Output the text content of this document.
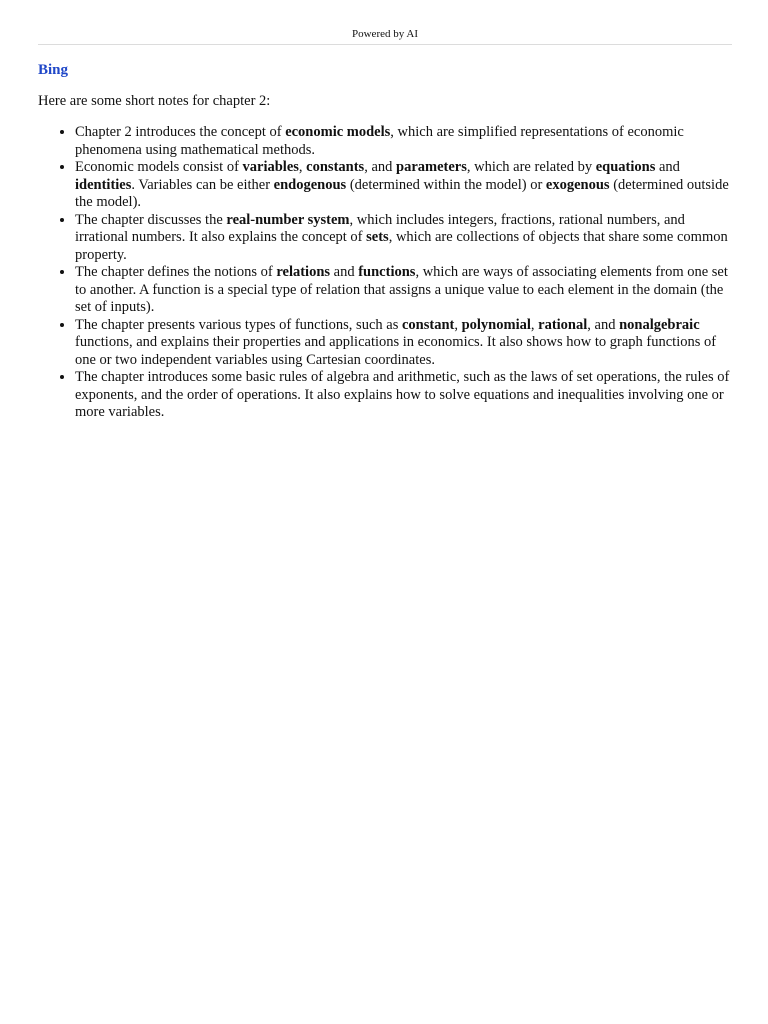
Powered by AI
Bing
Here are some short notes for chapter 2:
• Chapter 2 introduces the concept of economic models, which are simplified representations of economic phenomena using mathematical methods.
• Economic models consist of variables, constants, and parameters, which are related by equations and identities. Variables can be either endogenous (determined within the model) or exogenous (determined outside the model).
• The chapter discusses the real-number system, which includes integers, fractions, rational numbers, and irrational numbers. It also explains the concept of sets, which are collections of objects that share some common property.
• The chapter defines the notions of relations and functions, which are ways of associating elements from one set to another. A function is a special type of relation that assigns a unique value to each element in the domain (the set of inputs).
• The chapter presents various types of functions, such as constant, polynomial, rational, and nonalgebraic functions, and explains their properties and applications in economics. It also shows how to graph functions of one or two independent variables using Cartesian coordinates.
• The chapter introduces some basic rules of algebra and arithmetic, such as the laws of set operations, the rules of exponents, and the order of operations. It also explains how to solve equations and inequalities involving one or more variables.
